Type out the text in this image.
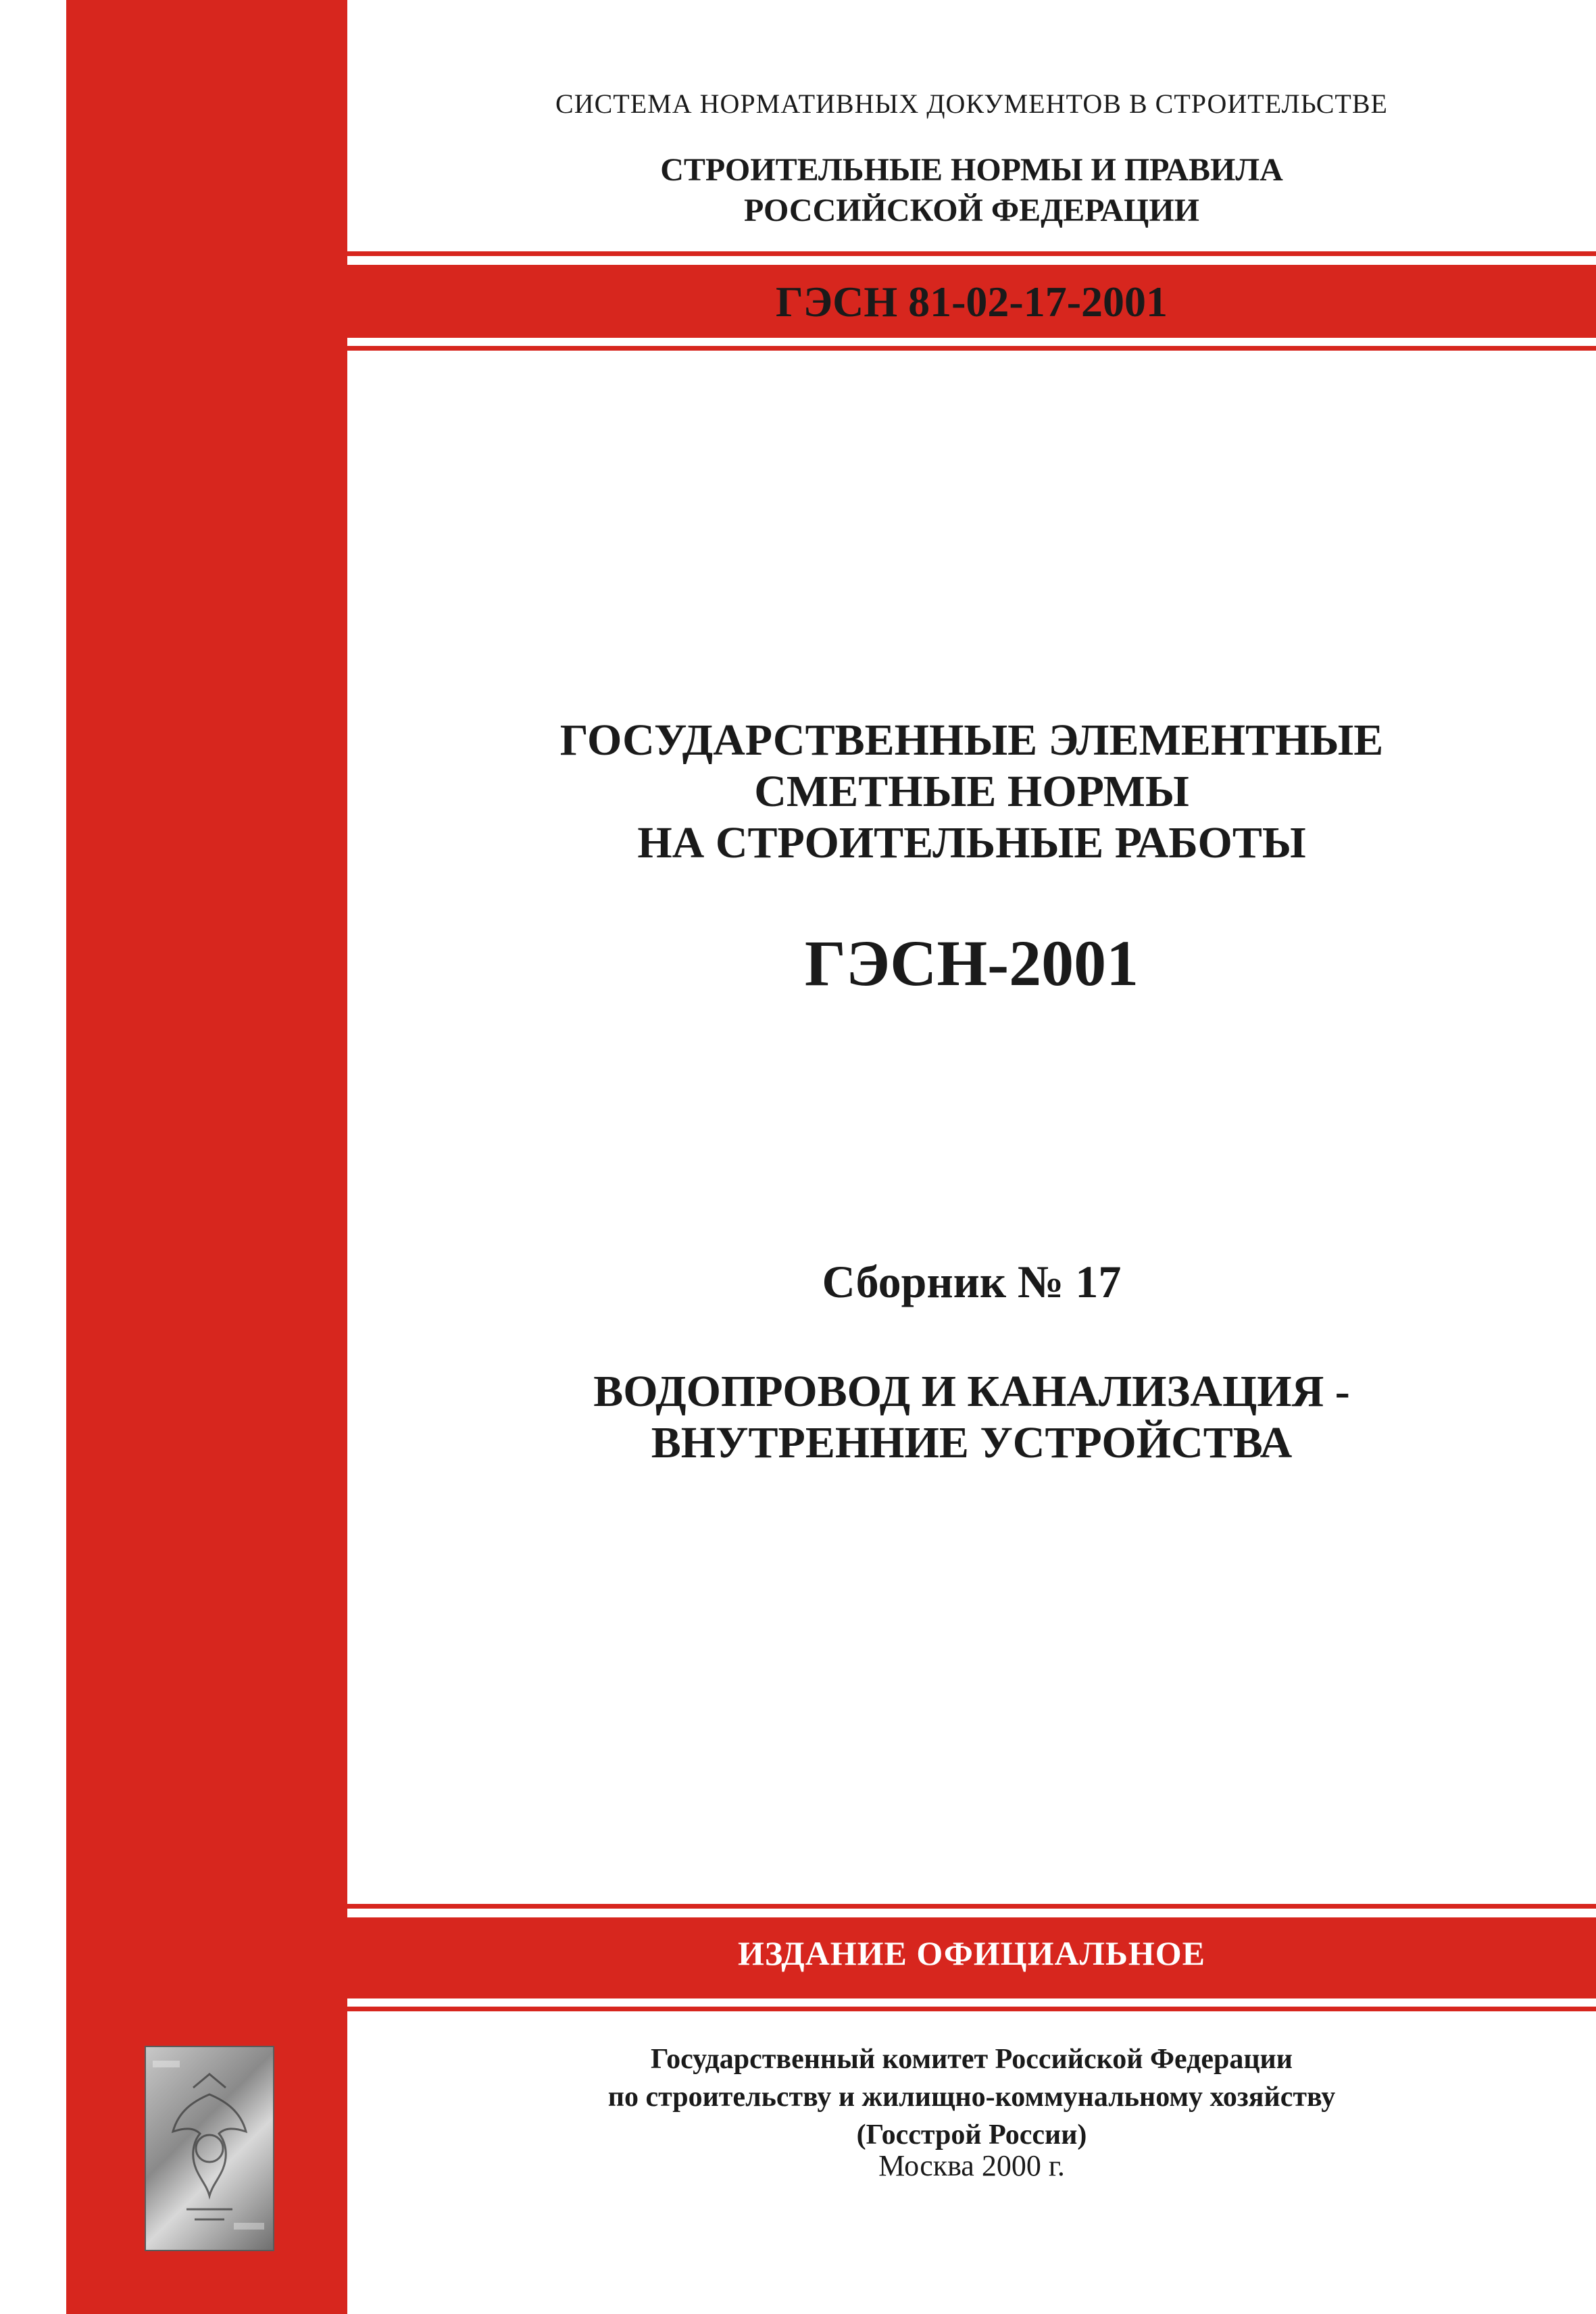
СИСТЕМА НОРМАТИВНЫХ ДОКУМЕНТОВ В СТРОИТЕЛЬСТВЕ
СТРОИТЕЛЬНЫЕ НОРМЫ И ПРАВИЛА
РОССИЙСКОЙ ФЕДЕРАЦИИ
ГЭСН 81-02-17-2001
ГОСУДАРСТВЕННЫЕ ЭЛЕМЕНТНЫЕ
СМЕТНЫЕ НОРМЫ
НА СТРОИТЕЛЬНЫЕ РАБОТЫ
ГЭСН-2001
Сборник № 17
ВОДОПРОВОД И КАНАЛИЗАЦИЯ -
ВНУТРЕННИЕ УСТРОЙСТВА
ИЗДАНИЕ ОФИЦИАЛЬНОЕ
Государственный комитет Российской Федерации
по строительству и жилищно-коммунальному хозяйству
(Госстрой России)
Москва 2000 г.
